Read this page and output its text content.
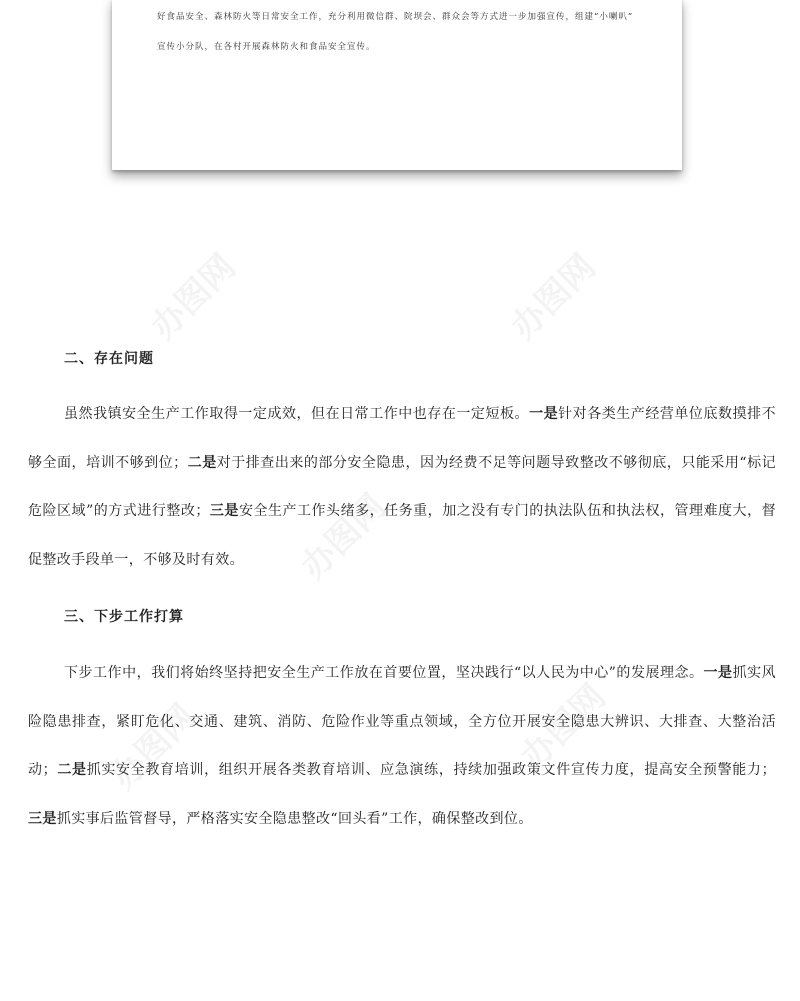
好食品安全、森林防火等日常安全工作，充分利用微信群、院坝会、群众会等方式进一步加强宣传，组建“小喇叭”
宣传小分队，在各村开展森林防火和食品安全宣传。
办图网	办图网
办图网
办图网	办图网
二、存在问题

虽然我镇安全生产工作取得一定成效，但在日常工作中也存在一定短板。一是针对各类生产经营单位底数摸排不够全面，培训不够到位；二是对于排查出来的部分安全隐患，因为经费不足等问题导致整改不够彻底，只能采用“标记危险区域”的方式进行整改；三是安全生产工作头绪多，任务重，加之没有专门的执法队伍和执法权，管理难度大，督促整改手段单一，不够及时有效。

三、下步工作打算

下步工作中，我们将始终坚持把安全生产工作放在首要位置，坚决践行“以人民为中心”的发展理念。一是抓实风险隐患排查，紧盯危化、交通、建筑、消防、危险作业等重点领域，全方位开展安全隐患大辨识、大排查、大整治活动；二是抓实安全教育培训，组织开展各类教育培训、应急演练，持续加强政策文件宣传力度，提高安全预警能力；三是抓实事后监管督导，严格落实安全隐患整改“回头看”工作，确保整改到位。
